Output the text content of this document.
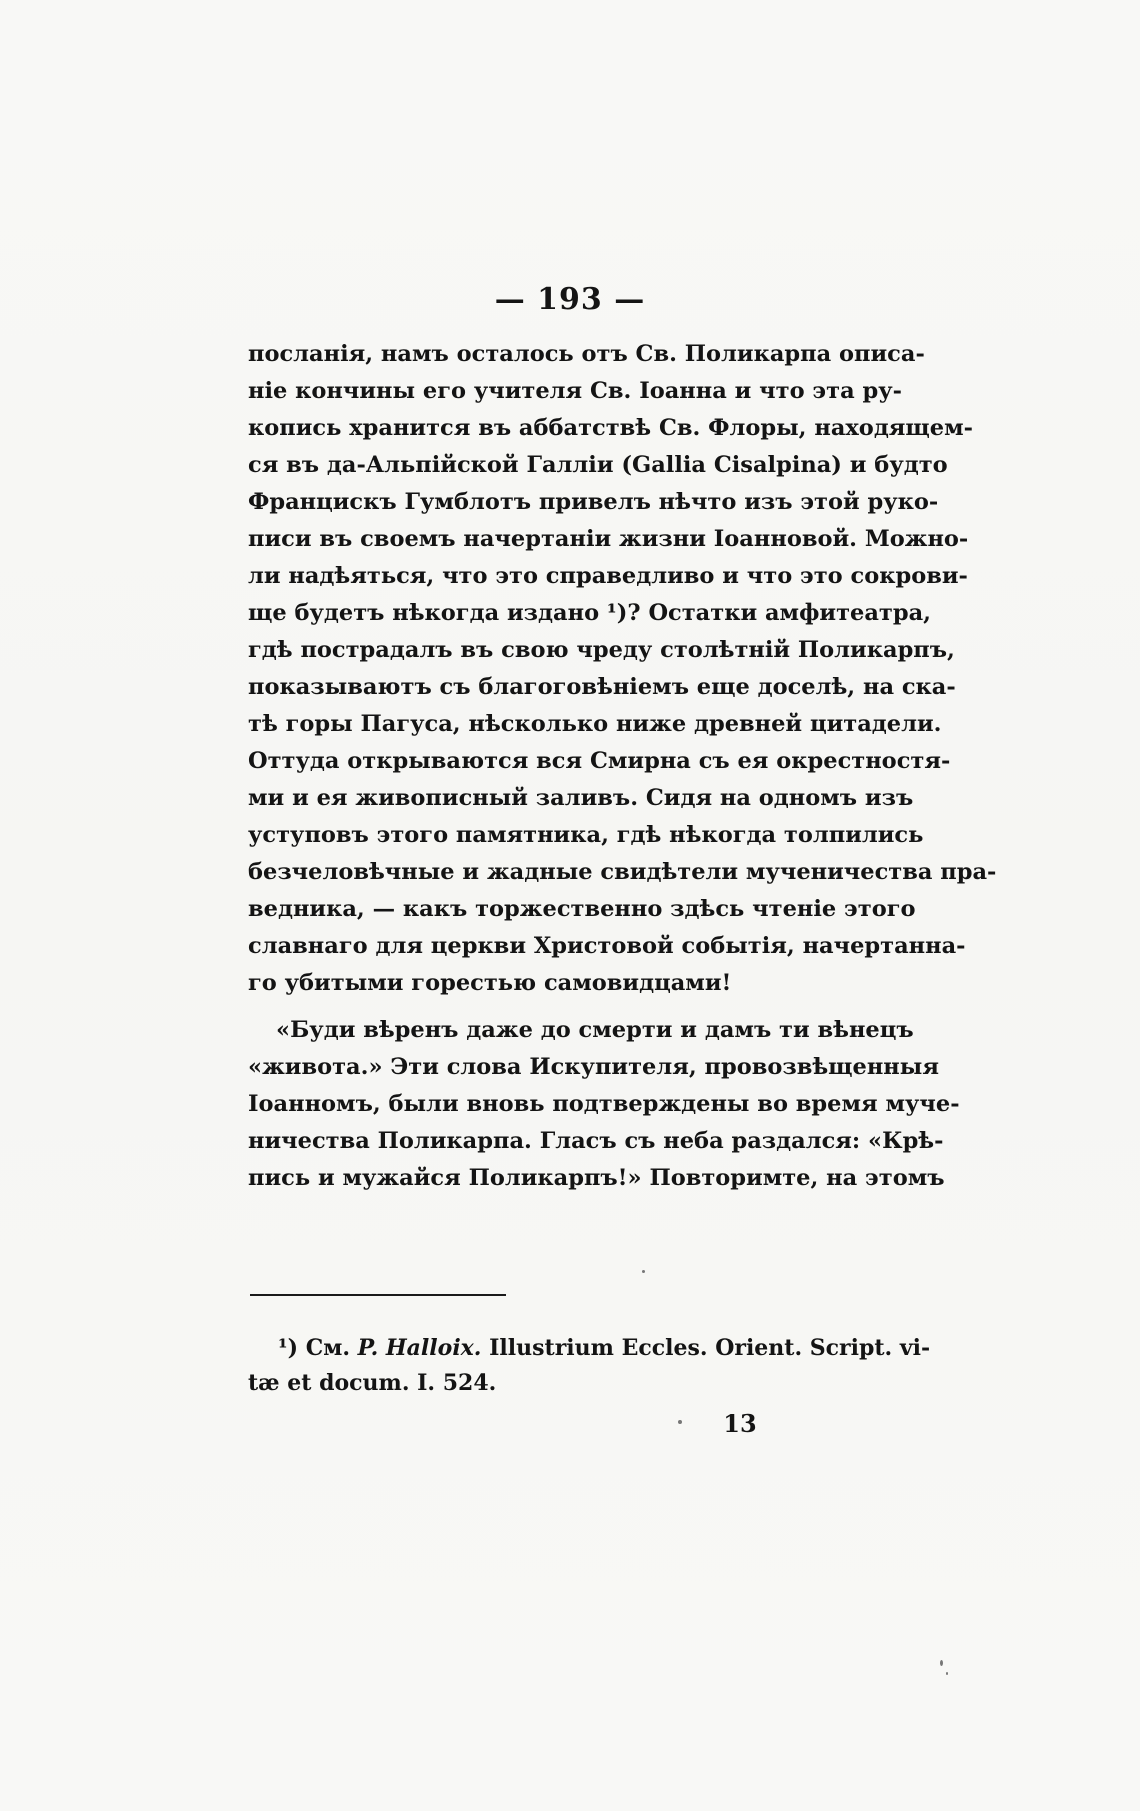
— 193 —
посланія, намъ осталось отъ Св. Поликарпа описа-
ніе кончины его учителя Св. Іоанна и что эта ру-
копись хранится въ аббатствѣ Св. Флоры, находящем-
ся въ да-Альпійской Галліи (Gallia Cisalpina) и будто
Францискъ Гумблотъ привелъ нѣчто изъ этой руко-
писи въ своемъ начертаніи жизни Іоанновой. Можно-
ли надѣяться, что это справедливо и что это сокрови-
ще будетъ нѣкогда издано ¹)? Остатки амфитеатра,
гдѣ пострадалъ въ свою чреду столѣтній Поликарпъ,
показываютъ съ благоговѣніемъ еще доселѣ, на ска-
тѣ горы Пагуса, нѣсколько ниже древней цитадели.
Оттуда открываются вся Смирна съ ея окрестностя-
ми и ея живописный заливъ. Сидя на одномъ изъ
уступовъ этого памятника, гдѣ нѣкогда толпились
безчеловѣчные и жадные свидѣтели мученичества пра-
ведника, — какъ торжественно здѣсь чтеніе этого
славнаго для церкви Христовой событія, начертанна-
го убитыми горестью самовидцами!
«Буди вѣренъ даже до смерти и дамъ ти вѣнецъ
«живота.» Эти слова Искупителя, провозвѣщенныя
Іоанномъ, были вновь подтверждены во время муче-
ничества Поликарпа. Гласъ съ неба раздался: «Крѣ-
пись и мужайся Поликарпъ!» Повторимте, на этомъ
¹) См. P. Halloix. Illustrium Eccles. Orient. Script. vi-
tæ et docum. I. 524.
13
